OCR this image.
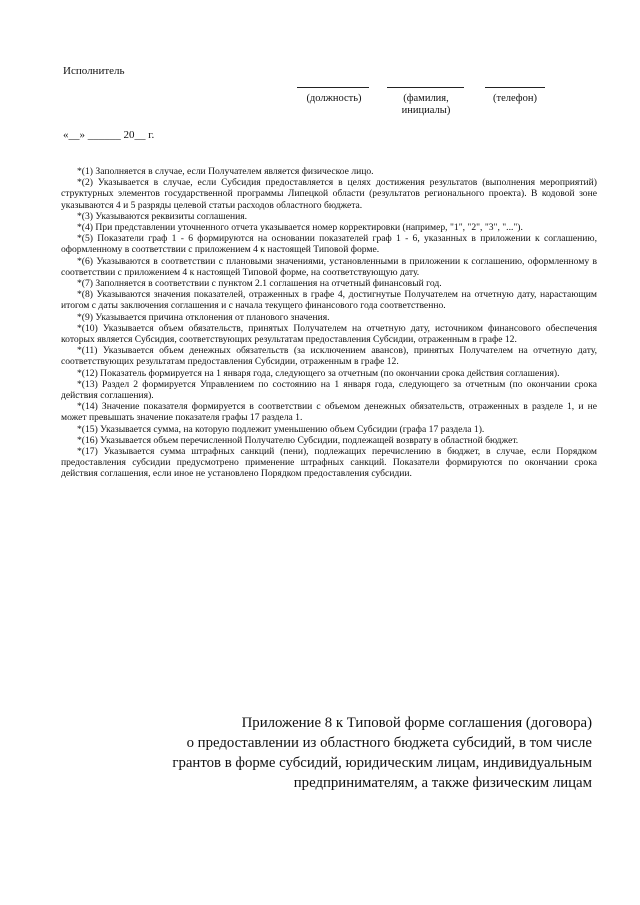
Исполнитель
(должность)	(фамилия, инициалы)
(телефон)
«__» ______ 20__ г.

*(1) Заполняется в случае, если Получателем является физическое лицо.

*(2) Указывается в случае, если Субсидия предоставляется в целях достижения результатов (выполнения мероприятий) структурных элементов государственной программы Липецкой области (результатов регионального проекта). В кодовой зоне указываются 4 и 5 разряды целевой статьи расходов областного бюджета.

*(3) Указываются реквизиты соглашения.

*(4) При представлении уточненного отчета указывается номер корректировки (например, "1", "2", "3", "...").

*(5) Показатели граф 1 - 6 формируются на основании показателей граф 1 - 6, указанных в приложении к соглашению, оформленному в соответствии с приложением 4 к настоящей Типовой форме.

*(6) Указываются в соответствии с плановыми значениями, установленными в приложении к соглашению, оформленному в соответствии с приложением 4 к настоящей Типовой форме, на соответствующую дату.

*(7) Заполняется в соответствии с пунктом 2.1 соглашения на отчетный финансовый год.

*(8) Указываются значения показателей, отраженных в графе 4, достигнутые Получателем на отчетную дату, нарастающим итогом с даты заключения соглашения и с начала текущего финансового года соответственно.

*(9) Указывается причина отклонения от планового значения.

*(10) Указывается объем обязательств, принятых Получателем на отчетную дату, источником финансового обеспечения которых является Субсидия, соответствующих результатам предоставления Субсидии, отраженным в графе 12.

*(11) Указывается объем денежных обязательств (за исключением авансов), принятых Получателем на отчетную дату, соответствующих результатам предоставления Субсидии, отраженным в графе 12.

*(12) Показатель формируется на 1 января года, следующего за отчетным (по окончании срока действия соглашения).

*(13) Раздел 2 формируется Управлением по состоянию на 1 января года, следующего за отчетным (по окончании срока действия соглашения).

*(14) Значение показателя формируется в соответствии с объемом денежных обязательств, отраженных в разделе 1, и не может превышать значение показателя графы 17 раздела 1.

*(15) Указывается сумма, на которую подлежит уменьшению объем Субсидии (графа 17 раздела 1).

*(16) Указывается объем перечисленной Получателю Субсидии, подлежащей возврату в областной бюджет.

*(17) Указывается сумма штрафных санкций (пени), подлежащих перечислению в бюджет, в случае, если Порядком предоставления субсидии предусмотрено применение штрафных санкций. Показатели формируются по окончании срока действия соглашения, если иное не установлено Порядком предоставления субсидии.

Приложение 8 к Типовой форме соглашения (договора)
о предоставлении из областного бюджета субсидий, в том числе
грантов в форме субсидий, юридическим лицам, индивидуальным
предпринимателям, а также физическим лицам
